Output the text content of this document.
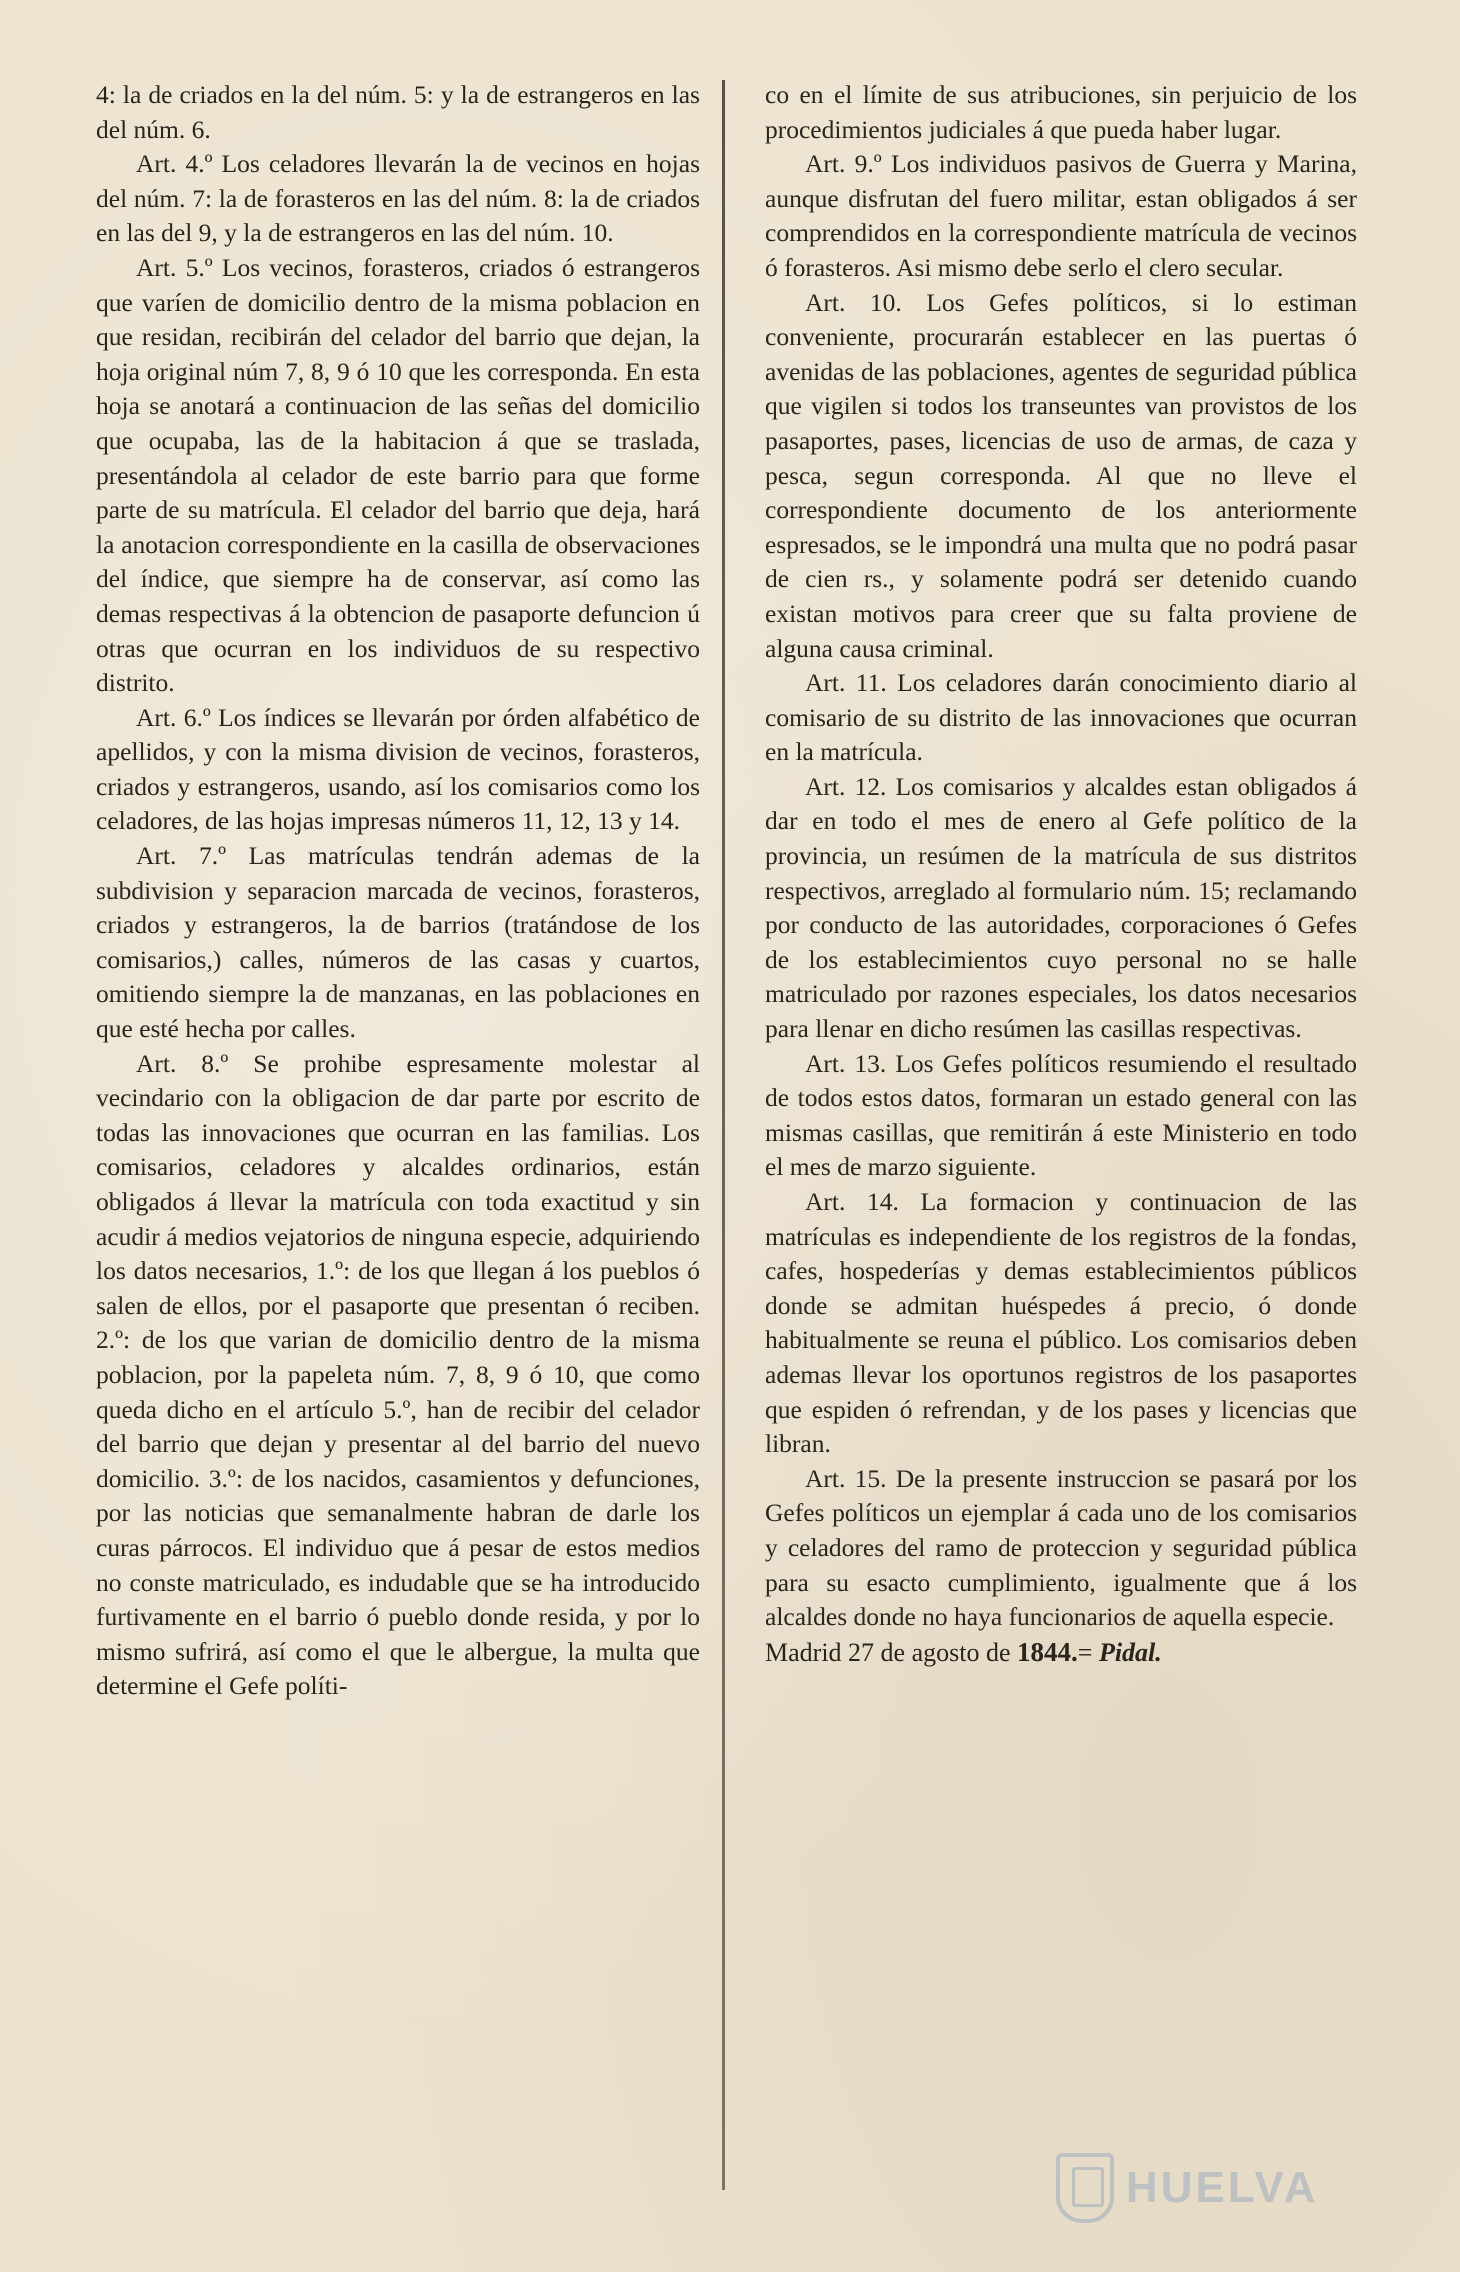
4: la de criados en la del núm. 5: y la de estrangeros en las del núm. 6.

Art. 4.º Los celadores llevarán la de vecinos en hojas del núm. 7: la de forasteros en las del núm. 8: la de criados en las del 9, y la de estrangeros en las del núm. 10.

Art. 5.º Los vecinos, forasteros, criados ó estrangeros que varíen de domicilio dentro de la misma poblacion en que residan, recibirán del celador del barrio que dejan, la hoja original núm 7, 8, 9 ó 10 que les corresponda. En esta hoja se anotará a continuacion de las señas del domicilio que ocupaba, las de la habitacion á que se traslada, presentándola al celador de este barrio para que forme parte de su matrícula. El celador del barrio que deja, hará la anotacion correspondiente en la casilla de observaciones del índice, que siempre ha de conservar, así como las demas respectivas á la obtencion de pasaporte defuncion ú otras que ocurran en los individuos de su respectivo distrito.

Art. 6.º Los índices se llevarán por órden alfabético de apellidos, y con la misma division de vecinos, forasteros, criados y estrangeros, usando, así los comisarios como los celadores, de las hojas impresas números 11, 12, 13 y 14.

Art. 7.º Las matrículas tendrán ademas de la subdivision y separacion marcada de vecinos, forasteros, criados y estrangeros, la de barrios (tratándose de los comisarios,) calles, números de las casas y cuartos, omitiendo siempre la de manzanas, en las poblaciones en que esté hecha por calles.

Art. 8.º Se prohibe espresamente molestar al vecindario con la obligacion de dar parte por escrito de todas las innovaciones que ocurran en las familias. Los comisarios, celadores y alcaldes ordinarios, están obligados á llevar la matrícula con toda exactitud y sin acudir á medios vejatorios de ninguna especie, adquiriendo los datos necesarios, 1.º: de los que llegan á los pueblos ó salen de ellos, por el pasaporte que presentan ó reciben. 2.º: de los que varian de domicilio dentro de la misma poblacion, por la papeleta núm. 7, 8, 9 ó 10, que como queda dicho en el artículo 5.º, han de recibir del celador del barrio que dejan y presentar al del barrio del nuevo domicilio. 3.º: de los nacidos, casamientos y defunciones, por las noticias que semanalmente habran de darle los curas párrocos. El individuo que á pesar de estos medios no conste matriculado, es indudable que se ha introducido furtivamente en el barrio ó pueblo donde resida, y por lo mismo sufrirá, así como el que le albergue, la multa que determine el Gefe políti-

co en el límite de sus atribuciones, sin perjuicio de los procedimientos judiciales á que pueda haber lugar.

Art. 9.º Los individuos pasivos de Guerra y Marina, aunque disfrutan del fuero militar, estan obligados á ser comprendidos en la correspondiente matrícula de vecinos ó forasteros. Asi mismo debe serlo el clero secular.

Art. 10. Los Gefes políticos, si lo estiman conveniente, procurarán establecer en las puertas ó avenidas de las poblaciones, agentes de seguridad pública que vigilen si todos los transeuntes van provistos de los pasaportes, pases, licencias de uso de armas, de caza y pesca, segun corresponda. Al que no lleve el correspondiente documento de los anteriormente espresados, se le impondrá una multa que no podrá pasar de cien rs., y solamente podrá ser detenido cuando existan motivos para creer que su falta proviene de alguna causa criminal.

Art. 11. Los celadores darán conocimiento diario al comisario de su distrito de las innovaciones que ocurran en la matrícula.

Art. 12. Los comisarios y alcaldes estan obligados á dar en todo el mes de enero al Gefe político de la provincia, un resúmen de la matrícula de sus distritos respectivos, arreglado al formulario núm. 15; reclamando por conducto de las autoridades, corporaciones ó Gefes de los establecimientos cuyo personal no se halle matriculado por razones especiales, los datos necesarios para llenar en dicho resúmen las casillas respectivas.

Art. 13. Los Gefes políticos resumiendo el resultado de todos estos datos, formaran un estado general con las mismas casillas, que remitirán á este Ministerio en todo el mes de marzo siguiente.

Art. 14. La formacion y continuacion de las matrículas es independiente de los registros de la fondas, cafes, hospederías y demas establecimientos públicos donde se admitan huéspedes á precio, ó donde habitualmente se reuna el público. Los comisarios deben ademas llevar los oportunos registros de los pasaportes que espiden ó refrendan, y de los pases y licencias que libran.

Art. 15. De la presente instruccion se pasará por los Gefes políticos un ejemplar á cada uno de los comisarios y celadores del ramo de proteccion y seguridad pública para su esacto cumplimiento, igualmente que á los alcaldes donde no haya funcionarios de aquella especie.

Madrid 27 de agosto de 1844.= Pidal.

HUELVA
